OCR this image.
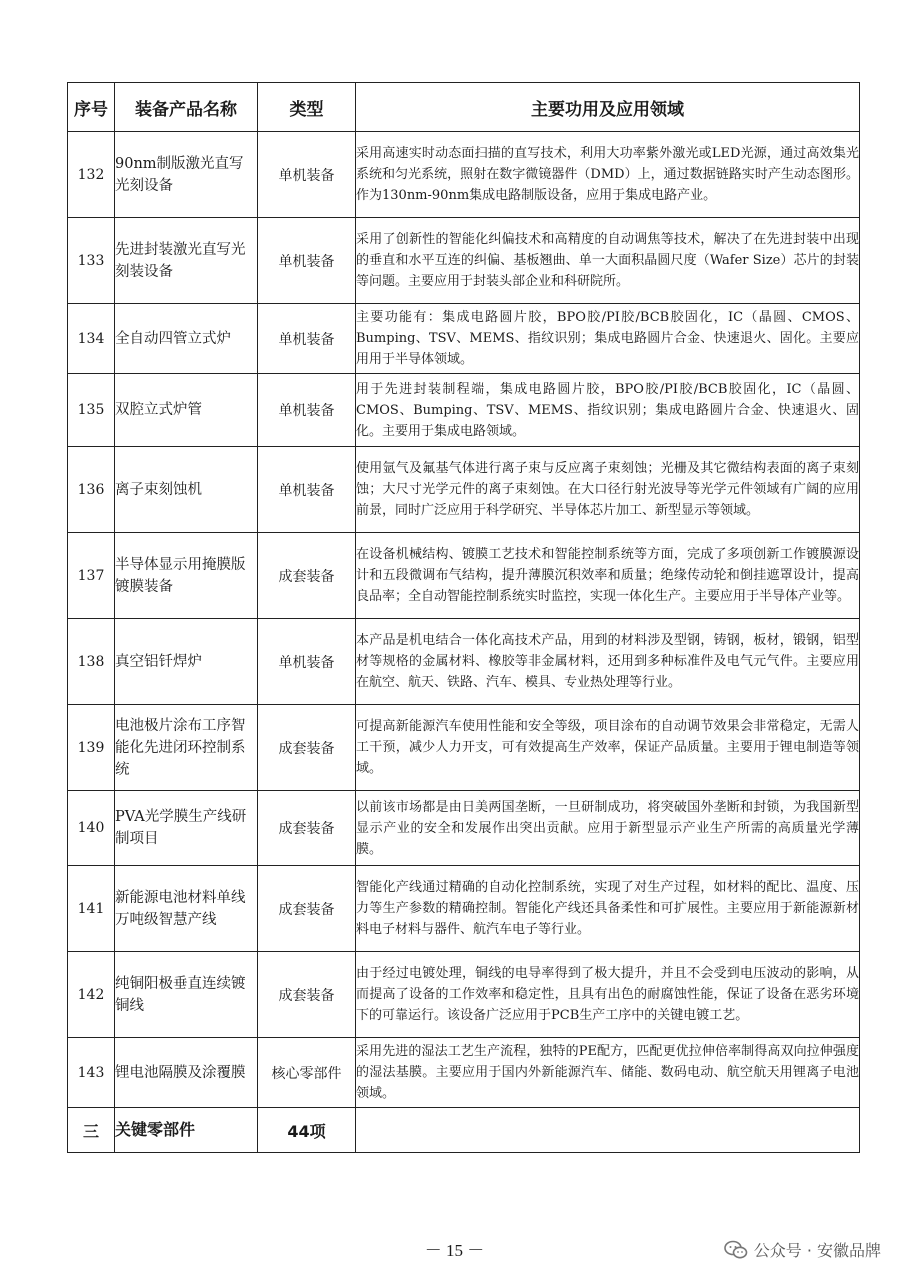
序号	装备产品名称	类型	主要功用及应用领域
132	90nm制版激光直写光刻设备	单机装备	采用高速实时动态面扫描的直写技术，利用大功率紫外激光或LED光源，通过高效集光系统和匀光系统，照射在数字微镜器件（DMD）上，通过数据链路实时产生动态图形。作为130nm-90nm集成电路制版设备，应用于集成电路产业。
133	先进封装激光直写光刻装设备	单机装备	采用了创新性的智能化纠偏技术和高精度的自动调焦等技术，解决了在先进封装中出现的垂直和水平互连的纠偏、基板翘曲、单一大面积晶圆尺度（Wafer Size）芯片的封装等问题。主要应用于封装头部企业和科研院所。
134	全自动四管立式炉	单机装备	主要功能有：集成电路圆片胶，BPO胶/PI胶/BCB胶固化，IC（晶圆、CMOS、Bumping、TSV、MEMS、指纹识别；集成电路圆片合金、快速退火、固化。主要应用用于半导体领域。
135	双腔立式炉管	单机装备	用于先进封装制程端，集成电路圆片胶，BPO胶/PI胶/BCB胶固化，IC（晶圆、CMOS、Bumping、TSV、MEMS、指纹识别；集成电路圆片合金、快速退火、固化。主要用于集成电路领域。
136	离子束刻蚀机	单机装备	使用氩气及氟基气体进行离子束与反应离子束刻蚀；光栅及其它微结构表面的离子束刻蚀；大尺寸光学元件的离子束刻蚀。在大口径行射光波导等光学元件领域有广阔的应用前景，同时广泛应用于科学研究、半导体芯片加工、新型显示等领域。
137	半导体显示用掩膜版镀膜装备	成套装备	在设备机械结构、镀膜工艺技术和智能控制系统等方面，完成了多项创新工作镀膜源设计和五段微调布气结构，提升薄膜沉积效率和质量；绝缘传动轮和倒挂遮罩设计，提高良品率；全自动智能控制系统实时监控，实现一体化生产。主要应用于半导体产业等。
138	真空铝钎焊炉	单机装备	本产品是机电结合一体化高技术产品，用到的材料涉及型钢，铸钢，板材，锻钢，铝型材等规格的金属材料、橡胶等非金属材料，还用到多种标准件及电气元气件。主要应用在航空、航天、铁路、汽车、模具、专业热处理等行业。
139	电池极片涂布工序智能化先进闭环控制系统	成套装备	可提高新能源汽车使用性能和安全等级，项目涂布的自动调节效果会非常稳定，无需人工干预，减少人力开支，可有效提高生产效率，保证产品质量。主要用于锂电制造等领域。
140	PVA光学膜生产线研制项目	成套装备	以前该市场都是由日美两国垄断，一旦研制成功，将突破国外垄断和封锁，为我国新型显示产业的安全和发展作出突出贡献。应用于新型显示产业生产所需的高质量光学薄膜。
141	新能源电池材料单线万吨级智慧产线	成套装备	智能化产线通过精确的自动化控制系统，实现了对生产过程，如材料的配比、温度、压力等生产参数的精确控制。智能化产线还具备柔性和可扩展性。主要应用于新能源新材料电子材料与器件、航汽车电子等行业。
142	纯铜阳极垂直连续镀铜线	成套装备	由于经过电镀处理，铜线的电导率得到了极大提升，并且不会受到电压波动的影响，从而提高了设备的工作效率和稳定性，且具有出色的耐腐蚀性能，保证了设备在恶劣环境下的可靠运行。该设备广泛应用于PCB生产工序中的关键电镀工艺。
143	锂电池隔膜及涂覆膜	核心零部件	采用先进的湿法工艺生产流程，独特的PE配方，匹配更优拉伸倍率制得高双向拉伸强度的湿法基膜。主要应用于国内外新能源汽车、储能、数码电动、航空航天用锂离子电池领域。
三	关键零部件	44项	
－ 15 －	公众号 · 安徽品牌
